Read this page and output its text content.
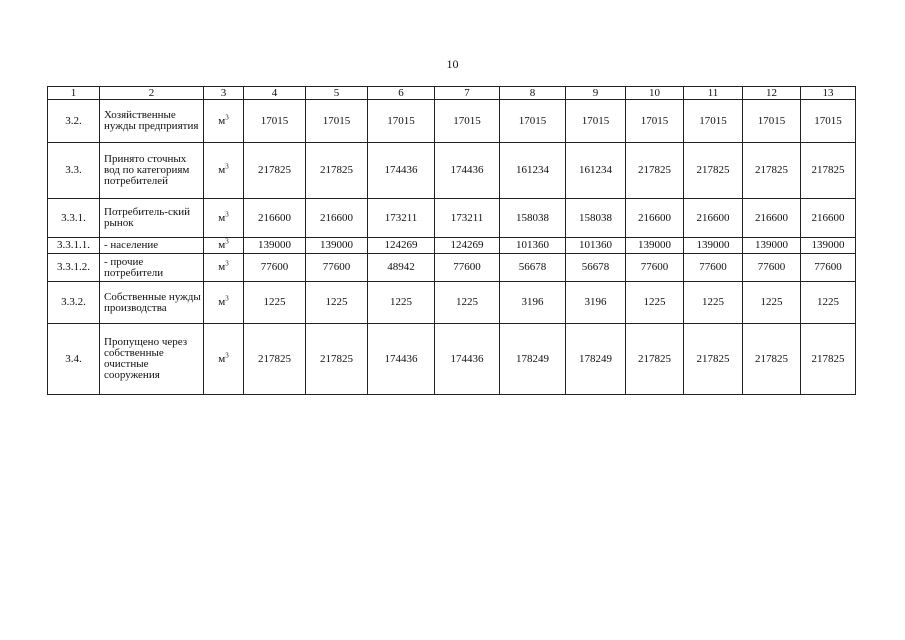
10
1	2	3	4	5	6	7	8	9	10	11	12	13
3.2.	Хозяйственные нужды предприятия	$м^3$	17015	17015	17015	17015	17015	17015	17015	17015	17015	17015
3.3.	Принято сточных вод по категориям потребителей	$м^3$	217825	217825	174436	174436	161234	161234	217825	217825	217825	217825
3.3.1.	Потребитель-ский рынок	$м^3$	216600	216600	173211	173211	158038	158038	216600	216600	216600	216600
3.3.1.1.	- население	$м^3$	139000	139000	124269	124269	101360	101360	139000	139000	139000	139000
3.3.1.2.	- прочие потребители	$м^3$	77600	77600	48942	77600	56678	56678	77600	77600	77600	77600
3.3.2.	Собственные нужды производства	$м^3$	1225	1225	1225	1225	3196	3196	1225	1225	1225	1225
3.4.	Пропущено через собственные очистные сооружения	$м^3$	217825	217825	174436	174436	178249	178249	217825	217825	217825	217825
